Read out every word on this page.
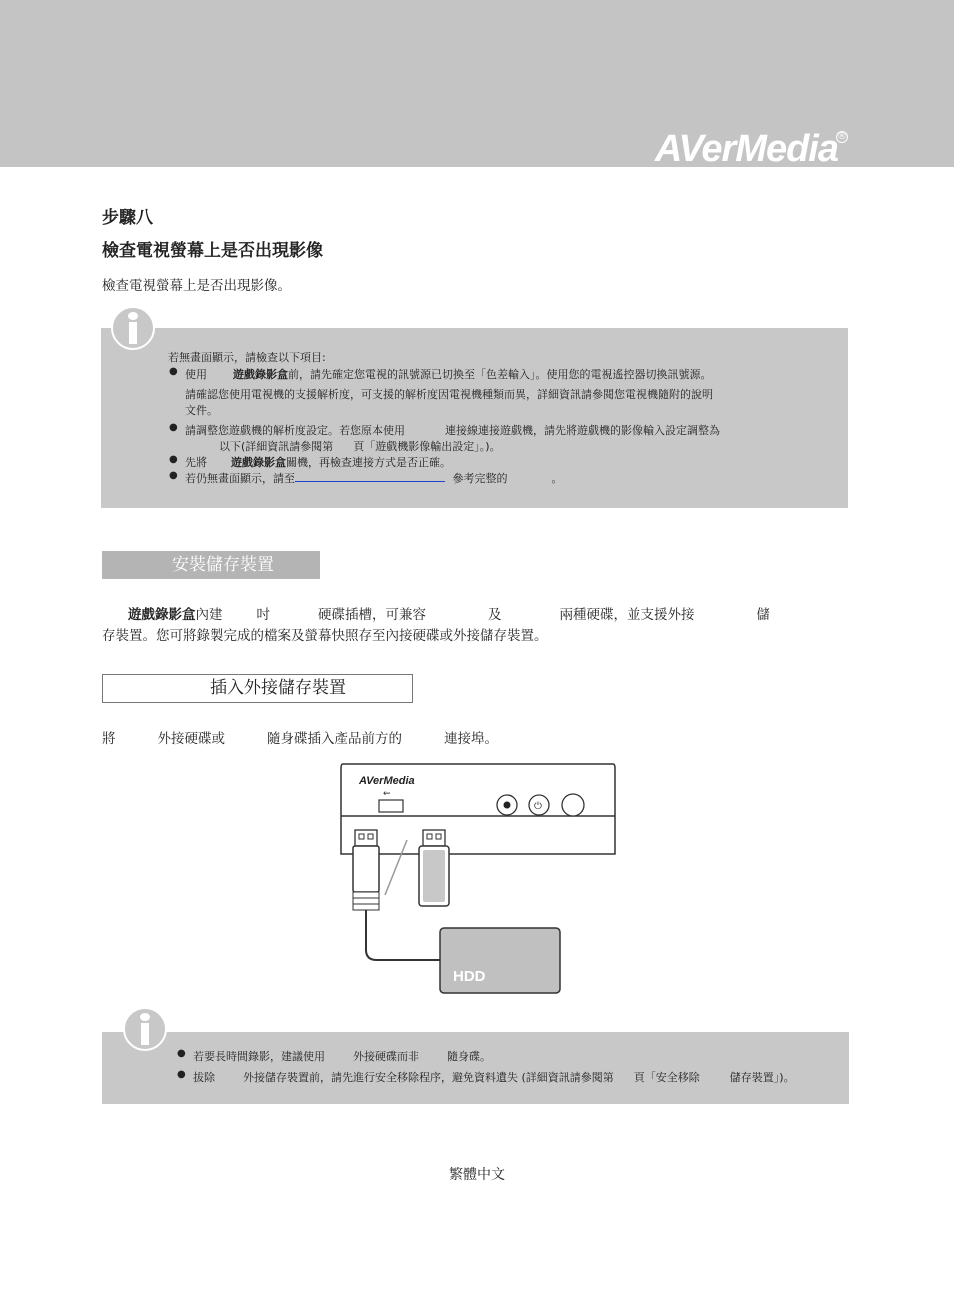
AVerMedia ®
步驟八
檢查電視螢幕上是否出現影像
檢查電視螢幕上是否出現影像。
若無畫面顯示，請檢查以下項目:
● 使用 遊戲錄影盒前，請先確定您電視的訊號源已切換至「色差輸入」。使用您的電視遙控器切換訊號源。
請確認您使用電視機的支援解析度，可支援的解析度因電視機種類而異，詳細資訊請參閱您電視機隨附的說明
文件。
● 請調整您遊戲機的解析度設定。若您原本使用	連接線連接遊戲機，請先將遊戲機的影像輸入設定調整為
以下(詳細資訊請參閱第 頁「遊戲機影像輸出設定」。)。
● 先將 遊戲錄影盒關機，再檢查連接方式是否正確。
● 若仍無畫面顯示，請至	參考完整的	。
安裝儲存裝置
遊戲錄影盒內建	吋	硬碟插槽，可兼容	及	兩種硬碟，並支援外接	儲
存裝置。您可將錄製完成的檔案及螢幕快照存至內接硬碟或外接儲存裝置。
插入外接儲存裝置
將	外接硬碟或	隨身碟插入產品前方的	連接埠。
AVerMedia
⇜
⏻
HDD
● 若要長時間錄影，建議使用	外接硬碟而非	隨身碟。
● 拔除	外接儲存裝置前，請先進行安全移除程序，避免資料遺失 (詳細資訊請參閱第 頁「安全移除	儲存裝置」)。
繁體中文
